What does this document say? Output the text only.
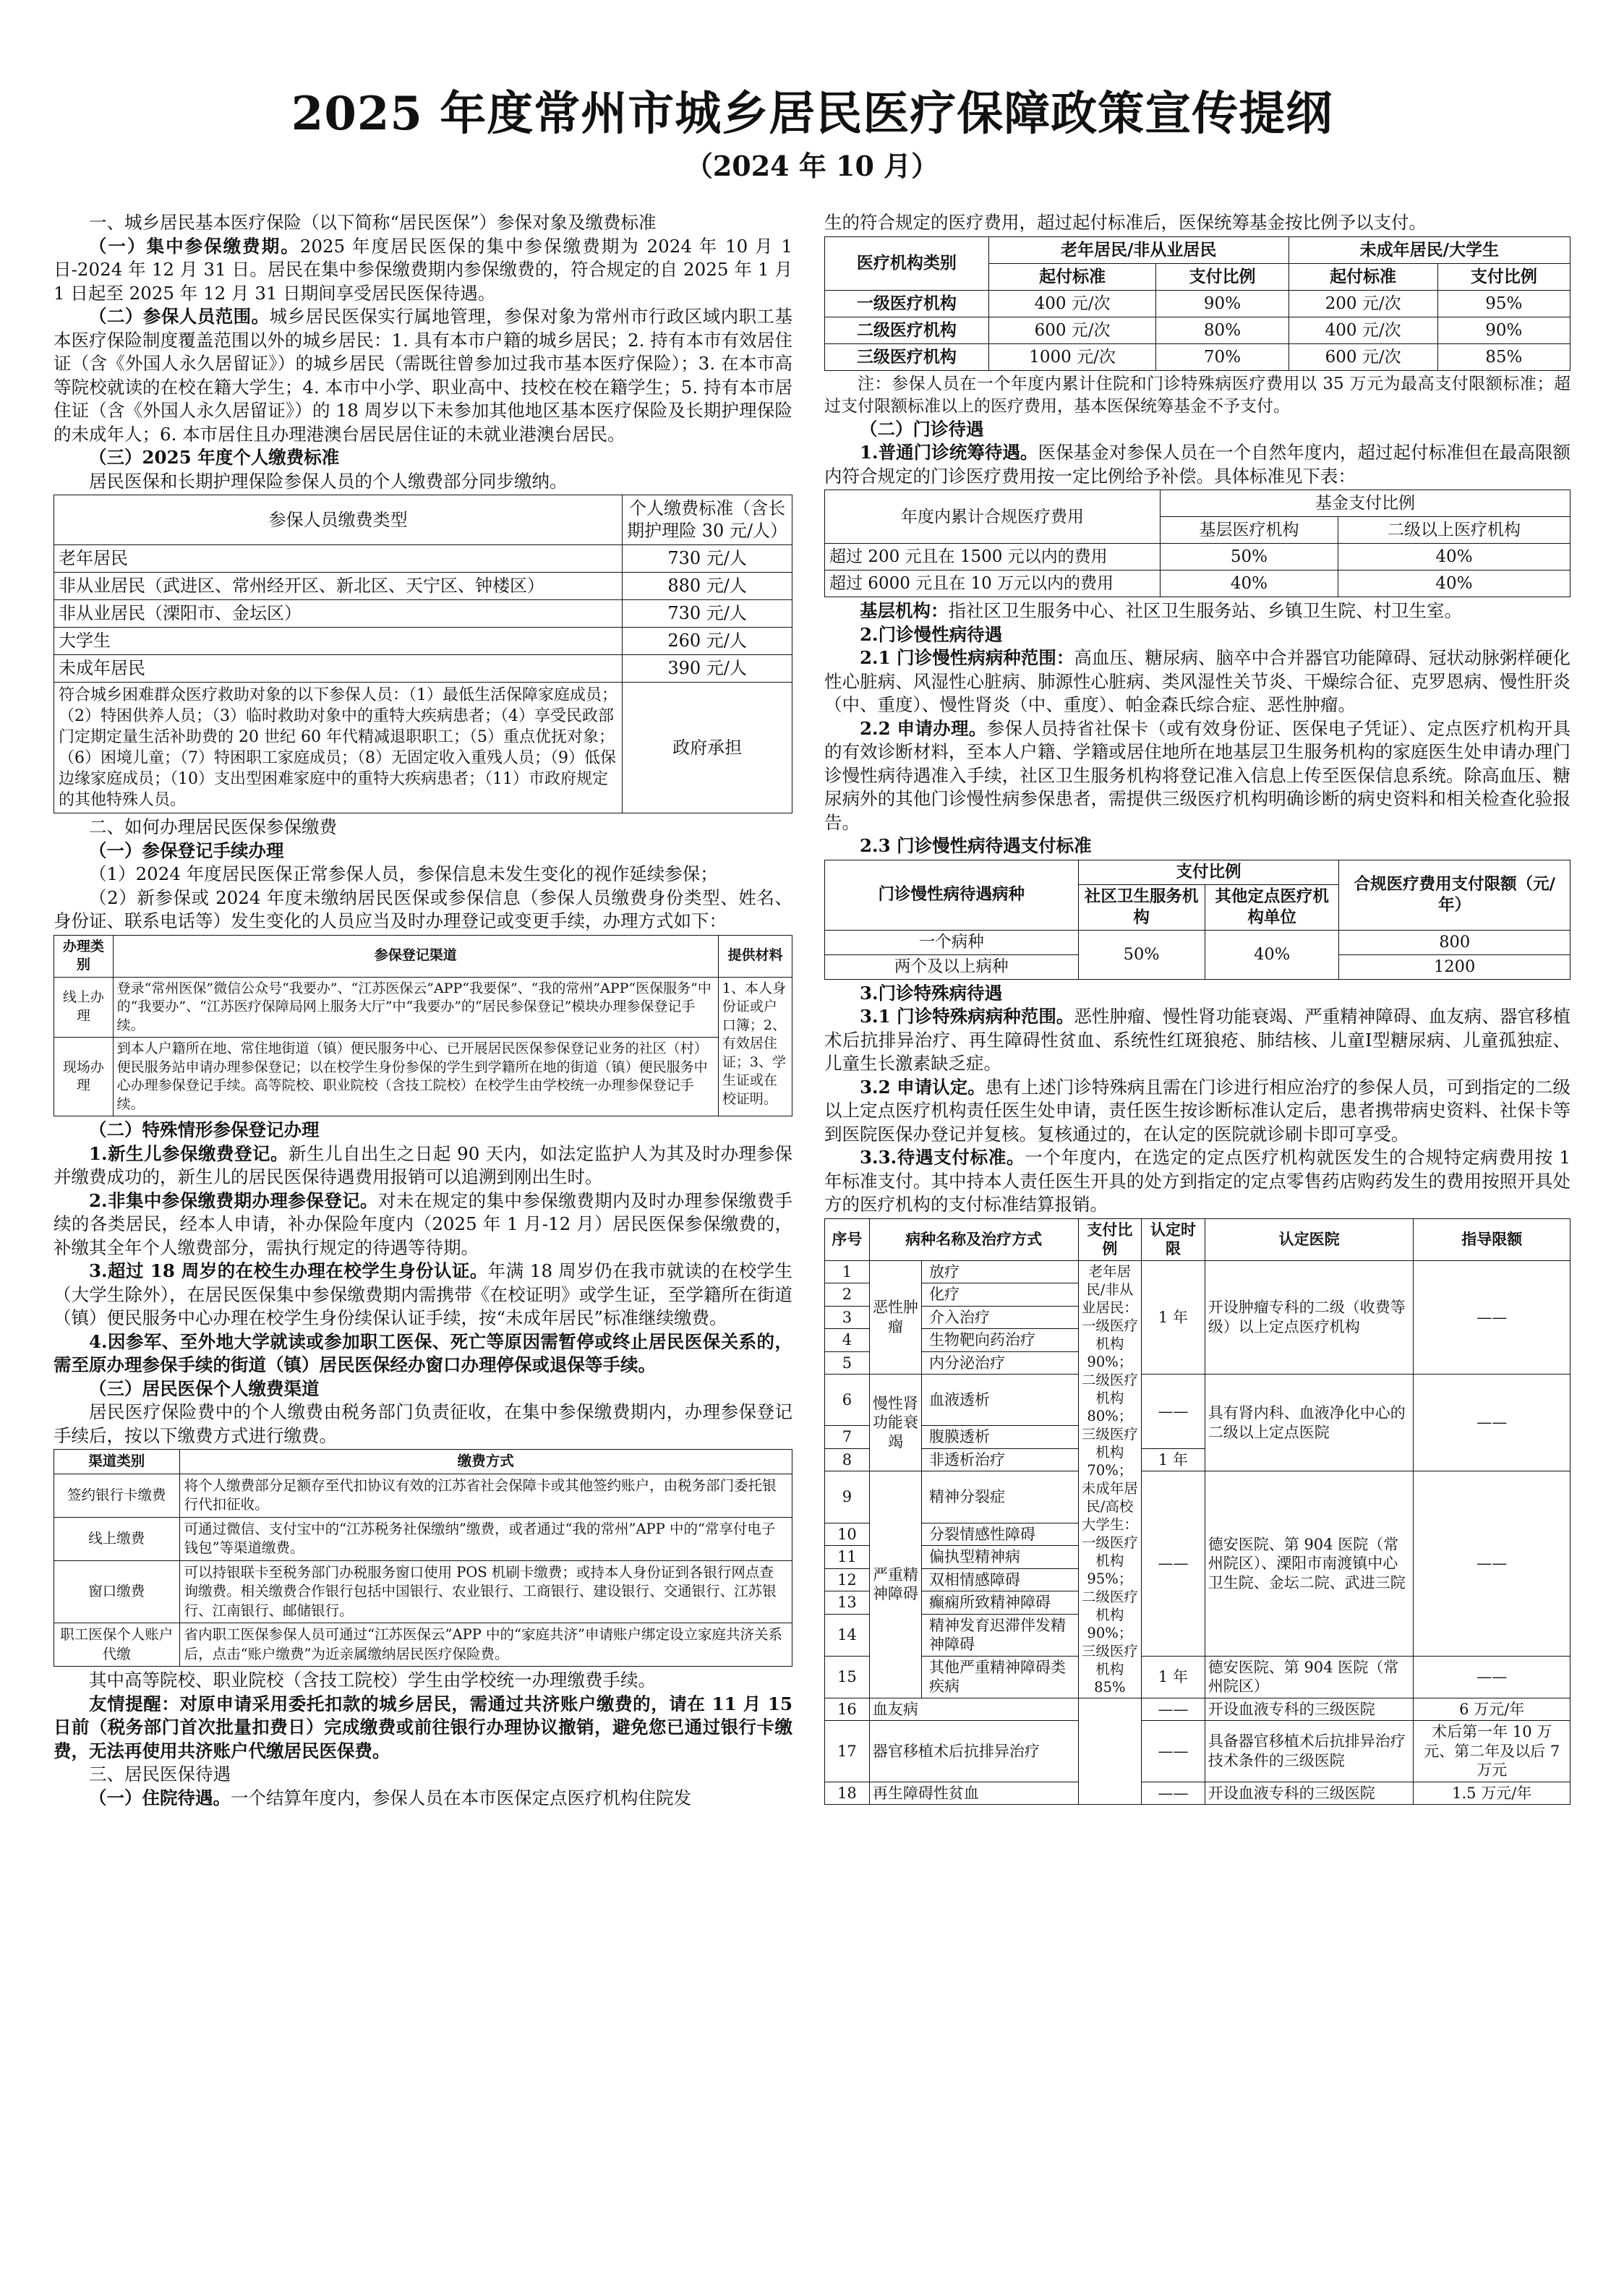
2025 年度常州市城乡居民医疗保障政策宣传提纲
（2024 年 10 月）
一、城乡居民基本医疗保险（以下简称“居民医保”）参保对象及缴费标准
（一）集中参保缴费期。2025 年度居民医保的集中参保缴费期为 2024 年 10 月 1 日-2024 年 12 月 31 日。居民在集中参保缴费期内参保缴费的，符合规定的自 2025 年 1 月 1 日起至 2025 年 12 月 31 日期间享受居民医保待遇。
（二）参保人员范围。城乡居民医保实行属地管理，参保对象为常州市行政区域内职工基本医疗保险制度覆盖范围以外的城乡居民：1. 具有本市户籍的城乡居民；2. 持有本市有效居住证（含《外国人永久居留证》）的城乡居民（需既往曾参加过我市基本医疗保险）；3. 在本市高等院校就读的在校在籍大学生；4. 本市中小学、职业高中、技校在校在籍学生；5. 持有本市居住证（含《外国人永久居留证》）的 18 周岁以下未参加其他地区基本医疗保险及长期护理保险的未成年人；6. 本市居住且办理港澳台居民居住证的未就业港澳台居民。
（三）2025 年度个人缴费标准
居民医保和长期护理保险参保人员的个人缴费部分同步缴纳。
参保人员缴费类型	个人缴费标准（含长期护理险 30 元/人）
老年居民	730 元/人
非从业居民（武进区、常州经开区、新北区、天宁区、钟楼区）	880 元/人
非从业居民（溧阳市、金坛区）	730 元/人
大学生	260 元/人
未成年居民	390 元/人
符合城乡困难群众医疗救助对象的以下参保人员：（1）最低生活保障家庭成员；（2）特困供养人员；（3）临时救助对象中的重特大疾病患者；（4）享受民政部门定期定量生活补助费的 20 世纪 60 年代精减退职职工；（5）重点优抚对象；（6）困境儿童；（7）特困职工家庭成员；（8）无固定收入重残人员；（9）低保边缘家庭成员；（10）支出型困难家庭中的重特大疾病患者；（11）市政府规定的其他特殊人员。	政府承担
二、如何办理居民医保参保缴费
（一）参保登记手续办理
（1）2024 年度居民医保正常参保人员，参保信息未发生变化的视作延续参保；
（2）新参保或 2024 年度未缴纳居民医保或参保信息（参保人员缴费身份类型、姓名、身份证、联系电话等）发生变化的人员应当及时办理登记或变更手续，办理方式如下：
办理类别	参保登记渠道	提供材料
线上办理	登录“常州医保”微信公众号“我要办”、“江苏医保云”APP“我要保”、“我的常州”APP“医保服务”中的“我要办”、“江苏医疗保障局网上服务大厅”中“我要办”的“居民参保登记”模块办理参保登记手续。	1、本人身份证或户口簿；2、有效居住证；3、学生证或在校证明。
现场办理	到本人户籍所在地、常住地街道（镇）便民服务中心、已开展居民医保参保登记业务的社区（村）便民服务站申请办理参保登记；以在校学生身份参保的学生到学籍所在地的街道（镇）便民服务中心办理参保登记手续。高等院校、职业院校（含技工院校）在校学生由学校统一办理参保登记手续。	
（二）特殊情形参保登记办理
1.新生儿参保缴费登记。新生儿自出生之日起 90 天内，如法定监护人为其及时办理参保并缴费成功的，新生儿的居民医保待遇费用报销可以追溯到刚出生时。
2.非集中参保缴费期办理参保登记。对未在规定的集中参保缴费期内及时办理参保缴费手续的各类居民，经本人申请，补办保险年度内（2025 年 1 月-12 月）居民医保参保缴费的，补缴其全年个人缴费部分，需执行规定的待遇等待期。
3.超过 18 周岁的在校生办理在校学生身份认证。年满 18 周岁仍在我市就读的在校学生（大学生除外），在居民医保集中参保缴费期内需携带《在校证明》或学生证，至学籍所在街道（镇）便民服务中心办理在校学生身份续保认证手续，按“未成年居民”标准继续缴费。
4.因参军、至外地大学就读或参加职工医保、死亡等原因需暂停或终止居民医保关系的，需至原办理参保手续的街道（镇）居民医保经办窗口办理停保或退保等手续。
（三）居民医保个人缴费渠道
居民医疗保险费中的个人缴费由税务部门负责征收，在集中参保缴费期内，办理参保登记手续后，按以下缴费方式进行缴费。
渠道类别	缴费方式
签约银行卡缴费	将个人缴费部分足额存至代扣协议有效的江苏省社会保障卡或其他签约账户，由税务部门委托银行代扣征收。
线上缴费	可通过微信、支付宝中的“江苏税务社保缴纳”缴费，或者通过“我的常州”APP 中的“常享付电子钱包”等渠道缴费。
窗口缴费	可以持银联卡至税务部门办税服务窗口使用 POS 机刷卡缴费；或持本人身份证到各银行网点查询缴费。相关缴费合作银行包括中国银行、农业银行、工商银行、建设银行、交通银行、江苏银行、江南银行、邮储银行。
职工医保个人账户代缴	省内职工医保参保人员可通过“江苏医保云”APP 中的“家庭共济”申请账户绑定设立家庭共济关系后，点击“账户缴费”为近亲属缴纳居民医疗保险费。
其中高等院校、职业院校（含技工院校）学生由学校统一办理缴费手续。
友情提醒：对原申请采用委托扣款的城乡居民，需通过共济账户缴费的，请在 11 月 15 日前（税务部门首次批量扣费日）完成缴费或前往银行办理协议撤销，避免您已通过银行卡缴费，无法再使用共济账户代缴居民医保费。
三、居民医保待遇
（一）住院待遇。一个结算年度内，参保人员在本市医保定点医疗机构住院发
生的符合规定的医疗费用，超过起付标准后，医保统筹基金按比例予以支付。
医疗机构类别	老年居民/非从业居民		未成年居民/大学生	
	起付标准	支付比例	起付标准	支付比例
一级医疗机构	400 元/次	90%	200 元/次	95%
二级医疗机构	600 元/次	80%	400 元/次	90%
三级医疗机构	1000 元/次	70%	600 元/次	85%
注：参保人员在一个年度内累计住院和门诊特殊病医疗费用以 35 万元为最高支付限额标准；超过支付限额标准以上的医疗费用，基本医保统筹基金不予支付。
（二）门诊待遇
1.普通门诊统筹待遇。医保基金对参保人员在一个自然年度内，超过起付标准但在最高限额内符合规定的门诊医疗费用按一定比例给予补偿。具体标准见下表：
年度内累计合规医疗费用	基金支付比例	
	基层医疗机构	二级以上医疗机构
超过 200 元且在 1500 元以内的费用	50%	40%
超过 6000 元且在 10 万元以内的费用	40%	40%
基层机构：指社区卫生服务中心、社区卫生服务站、乡镇卫生院、村卫生室。
2.门诊慢性病待遇
2.1 门诊慢性病病种范围：高血压、糖尿病、脑卒中合并器官功能障碍、冠状动脉粥样硬化性心脏病、风湿性心脏病、肺源性心脏病、类风湿性关节炎、干燥综合征、克罗恩病、慢性肝炎（中、重度）、慢性肾炎（中、重度）、帕金森氏综合症、恶性肿瘤。
2.2 申请办理。参保人员持省社保卡（或有效身份证、医保电子凭证）、定点医疗机构开具的有效诊断材料，至本人户籍、学籍或居住地所在地基层卫生服务机构的家庭医生处申请办理门诊慢性病待遇准入手续，社区卫生服务机构将登记准入信息上传至医保信息系统。除高血压、糖尿病外的其他门诊慢性病参保患者，需提供三级医疗机构明确诊断的病史资料和相关检查化验报告。
2.3 门诊慢性病待遇支付标准
门诊慢性病待遇病种	支付比例		合规医疗费用支付限额（元/年）
	社区卫生服务机构	其他定点医疗机构单位	
一个病种	50%	40%	800
两个及以上病种			1200
3.门诊特殊病待遇
3.1 门诊特殊病病种范围。恶性肿瘤、慢性肾功能衰竭、严重精神障碍、血友病、器官移植术后抗排异治疗、再生障碍性贫血、系统性红斑狼疮、肺结核、儿童Ⅰ型糖尿病、儿童孤独症、儿童生长激素缺乏症。
3.2 申请认定。患有上述门诊特殊病且需在门诊进行相应治疗的参保人员，可到指定的二级以上定点医疗机构责任医生处申请，责任医生按诊断标准认定后，患者携带病史资料、社保卡等到医院医保办登记并复核。复核通过的，在认定的医院就诊刷卡即可享受。
3.3.待遇支付标准。一个年度内，在选定的定点医疗机构就医发生的合规特定病费用按 1 年标准支付。其中持本人责任医生开具的处方到指定的定点零售药店购药发生的费用按照开具处方的医疗机构的支付标准结算报销。
序号	病种名称及治疗方式		支付比例	认定时限	认定医院	指导限额
1	恶性肿瘤	放疗	老年居民/非从业居民：一级医疗机构 90%；二级医疗机构 80%；三级医疗机构 70%；未成年居民/高校大学生：一级医疗机构 95%；二级医疗机构 90%；三级医疗机构 85%	1 年	开设肿瘤专科的二级（收费等级）以上定点医疗机构	——
2		化疗				
3		介入治疗				
4		生物靶向药治疗				
5		内分泌治疗				
6	慢性肾功能衰竭	血液透析		——	具有肾内科、血液净化中心的二级以上定点医院	——
7		腹膜透析				
8		非透析治疗		1 年		
9	严重精神障碍	精神分裂症		——	德安医院、第 904 医院（常州院区）、溧阳市南渡镇中心卫生院、金坛二院、武进三院	——
10		分裂情感性障碍				
11		偏执型精神病				
12		双相情感障碍				
13		癫痫所致精神障碍				
14		精神发育迟滞伴发精神障碍				
15		其他严重精神障碍类疾病		1 年	德安医院、第 904 医院（常州院区）	——
16	血友病			——	开设血液专科的三级医院	6 万元/年
17	器官移植术后抗排异治疗			——	具备器官移植术后抗排异治疗技术条件的三级医院	术后第一年 10 万元、第二年及以后 7 万元
18	再生障碍性贫血			——	开设血液专科的三级医院	1.5 万元/年
